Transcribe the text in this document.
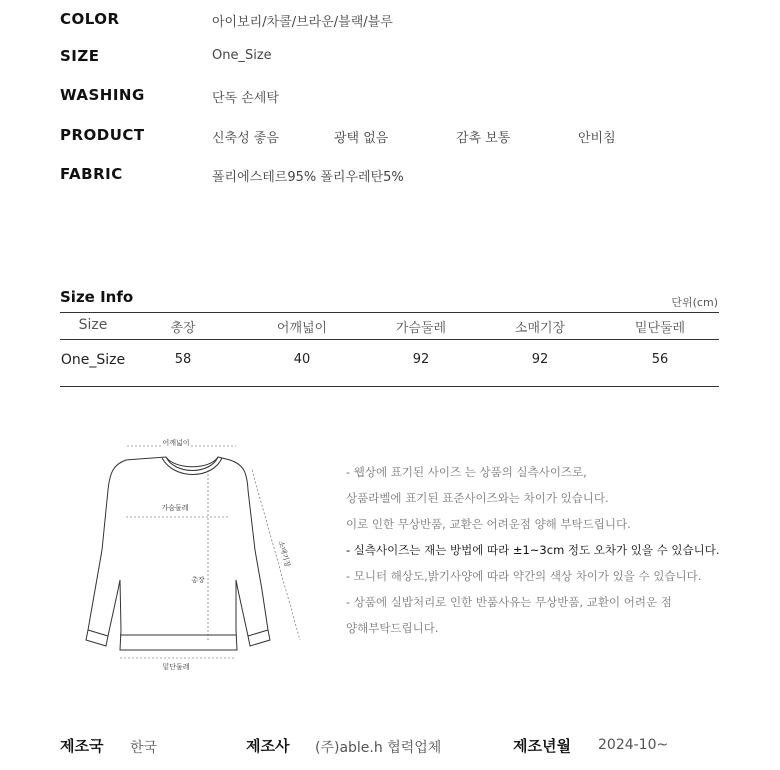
COLOR	아이보리/차콜/브라운/블랙/블루
SIZE	One_Size
WASHING	단독 손세탁
PRODUCT	신축성 좋음	광택 없음	감촉 보통	안비침
FABRIC	폴리에스테르95% 폴리우레탄5%
Size Info	단위(cm)
Size	총장	어깨넓이	가슴둘레	소매기장	밑단둘레
One_Size	58	40	92	92	56
어깨넓이
가슴둘레
총장
소매기장
밑단둘레
- 웹상에 표기된 사이즈 는 상품의 실측사이즈로,
상품라벨에 표기된 표준사이즈와는 차이가 있습니다.
이로 인한 무상반품, 교환은 어려운점 양해 부탁드립니다.
- 실측사이즈는 재는 방법에 따라 ±1~3cm 정도 오차가 있을 수 있습니다.
- 모니터 해상도,밝기사양에 따라 약간의 색상 차이가 있을 수 있습니다.
- 상품에 실밥처리로 인한 반품사유는 무상반품, 교환이 어려운 점
양해부탁드립니다.
제조국 한국	제조사 (주)able.h 협력업체	제조년월 2024-10~
